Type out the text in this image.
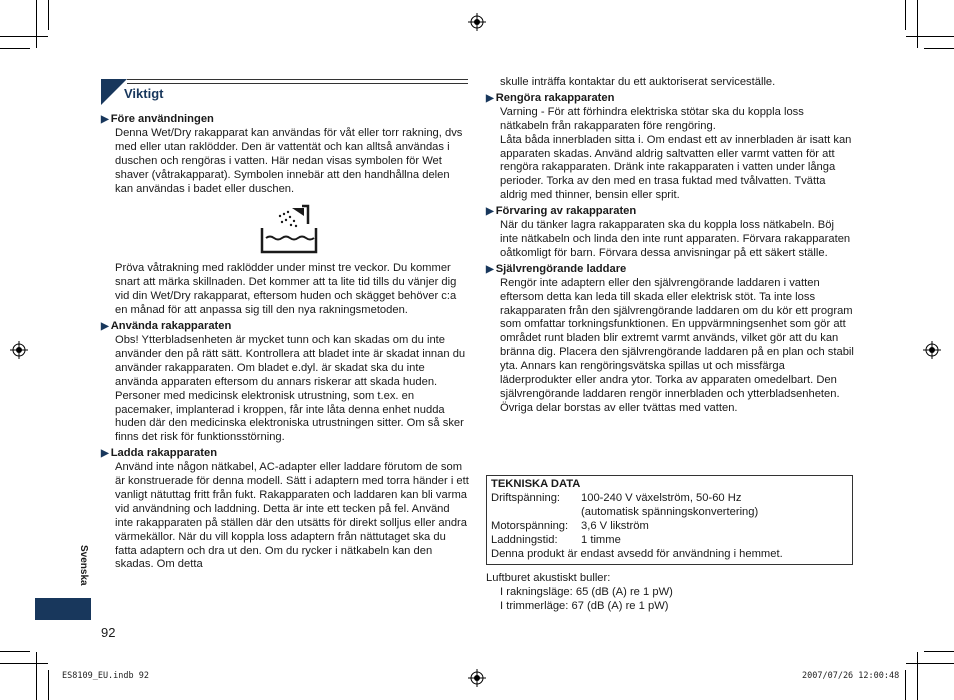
Viktigt
▶ Före användningen

Denna Wet/Dry rakapparat kan användas för våt eller torr rakning, dvs med eller utan raklödder. Den är vattentät och kan alltså användas i duschen och rengöras i vatten. Här nedan visas symbolen för Wet shaver (våtrakapparat). Symbolen innebär att den handhållna delen kan användas i badet eller duschen.

Pröva våtrakning med raklödder under minst tre veckor. Du kommer snart att märka skillnaden. Det kommer att ta lite tid tills du vänjer dig vid din Wet/Dry rakapparat, eftersom huden och skägget behöver c:a en månad för att anpassa sig till den nya rakningsmetoden.

▶ Använda rakapparaten

Obs! Ytterbladsenheten är mycket tunn och kan skadas om du inte använder den på rätt sätt. Kontrollera att bladet inte är skadat innan du använder rakapparaten. Om bladet e.dyl. är skadat ska du inte använda apparaten eftersom du annars riskerar att skada huden.

Personer med medicinsk elektronisk utrustning, som t.ex. en pacemaker, implanterad i kroppen, får inte låta denna enhet nudda huden där den medicinska elektroniska utrustningen sitter. Om så sker finns det risk för funktionsstörning.

▶ Ladda rakapparaten

Använd inte någon nätkabel, AC-adapter eller laddare förutom de som är konstruerade för denna modell. Sätt i adaptern med torra händer i ett vanligt nätuttag fritt från fukt. Rakapparaten och laddaren kan bli varma vid användning och laddning. Detta är inte ett tecken på fel. Använd inte rakapparaten på ställen där den utsätts för direkt solljus eller andra värmekällor. När du vill koppla loss adaptern från nättutaget ska du fatta adaptern och dra ut den. Om du rycker i nätkabeln kan den skadas. Om detta

skulle inträffa kontaktar du ett auktoriserat serviceställe.

▶ Rengöra rakapparaten

Varning - För att förhindra elektriska stötar ska du koppla loss nätkabeln från rakapparaten före rengöring.

Låta båda innerbladen sitta i. Om endast ett av innerbladen är isatt kan apparaten skadas. Använd aldrig saltvatten eller varmt vatten för att rengöra rakapparaten. Dränk inte rakapparaten i vatten under långa perioder. Torka av den med en trasa fuktad med tvålvatten. Tvätta aldrig med thinner, bensin eller sprit.

▶ Förvaring av rakapparaten

När du tänker lagra rakapparaten ska du koppla loss nätkabeln. Böj inte nätkabeln och linda den inte runt apparaten. Förvara rakapparaten oåtkomligt för barn. Förvara dessa anvisningar på ett säkert ställe.

▶ Självrengörande laddare

Rengör inte adaptern eller den självrengörande laddaren i vatten eftersom detta kan leda till skada eller elektrisk stöt. Ta inte loss rakapparaten från den självrengörande laddaren om du kör ett program som omfattar torkningsfunktionen. En uppvärmningsenhet som gör att området runt bladen blir extremt varmt används, vilket gör att du kan bränna dig. Placera den självrengörande laddaren på en plan och stabil yta. Annars kan rengöringsvätska spillas ut och missfärga läderprodukter eller andra ytor. Torka av apparaten omedelbart. Den självrengörande laddaren rengör innerbladen och ytterbladsenheten. Övriga delar borstas av eller tvättas med vatten.

TEKNISKA DATA
Driftspänning:	100-240 V växelström, 50-60 Hz
(automatisk spänningskonvertering)
Motorspänning:	3,6 V likström
Laddningstid:	1 timme
Denna produkt är endast avsedd för användning i hemmet.
Luftburet akustiskt buller:
I rakningsläge: 65 (dB (A) re 1 pW)
I trimmerläge: 67 (dB (A) re 1 pW)
Svenska
92
ES8109_EU.indb 92	2007/07/26 12:00:48
